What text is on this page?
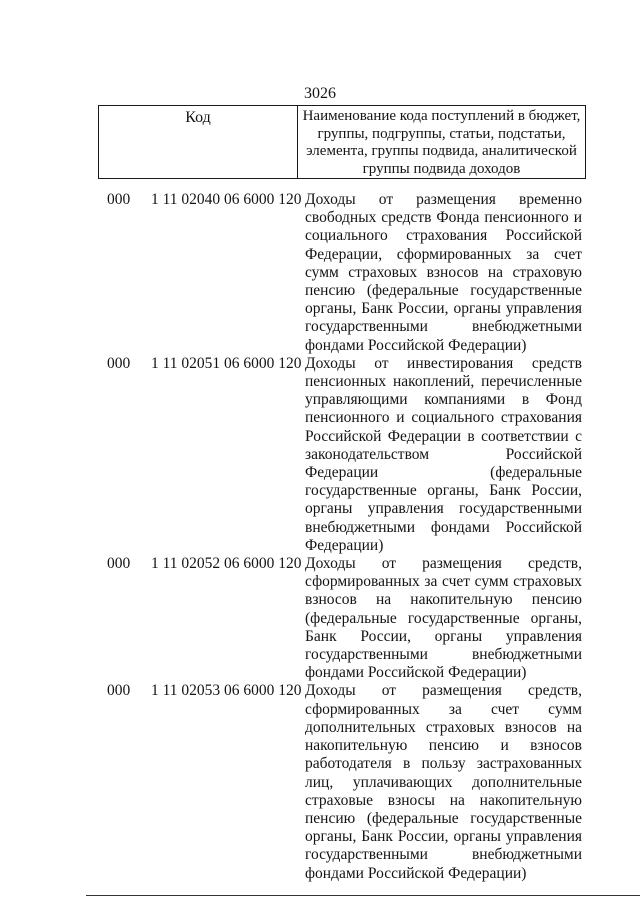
3026
Код	Наименование кода поступлений в бюджет, группы, подгруппы, статьи, подстатьи, элемента, группы подвида, аналитической группы подвида доходов
000	1 11 02040 06 6000 120 Доходы от размещения временно свободных средств Фонда пенсионного и социального страхования Российской Федерации, сформированных за счет сумм страховых взносов на страховую пенсию (федеральные государственные органы, Банк России, органы управления государственными внебюджетными фондами Российской Федерации)
000	1 11 02051 06 6000 120 Доходы от инвестирования средств пенсионных накоплений, перечисленные управляющими компаниями в Фонд пенсионного и социального страхования Российской Федерации в соответствии с законодательством Российской Федерации (федеральные государственные органы, Банк России, органы управления государственными внебюджетными фондами Российской Федерации)
000	1 11 02052 06 6000 120 Доходы от размещения средств, сформированных за счет сумм страховых взносов на накопительную пенсию (федеральные государственные органы, Банк России, органы управления государственными внебюджетными фондами Российской Федерации)
000	1 11 02053 06 6000 120 Доходы от размещения средств, сформированных за счет сумм дополнительных страховых взносов на накопительную пенсию и взносов работодателя в пользу застрахованных лиц, уплачивающих дополнительные страховые взносы на накопительную пенсию (федеральные государственные органы, Банк России, органы управления государственными внебюджетными фондами Российской Федерации)
